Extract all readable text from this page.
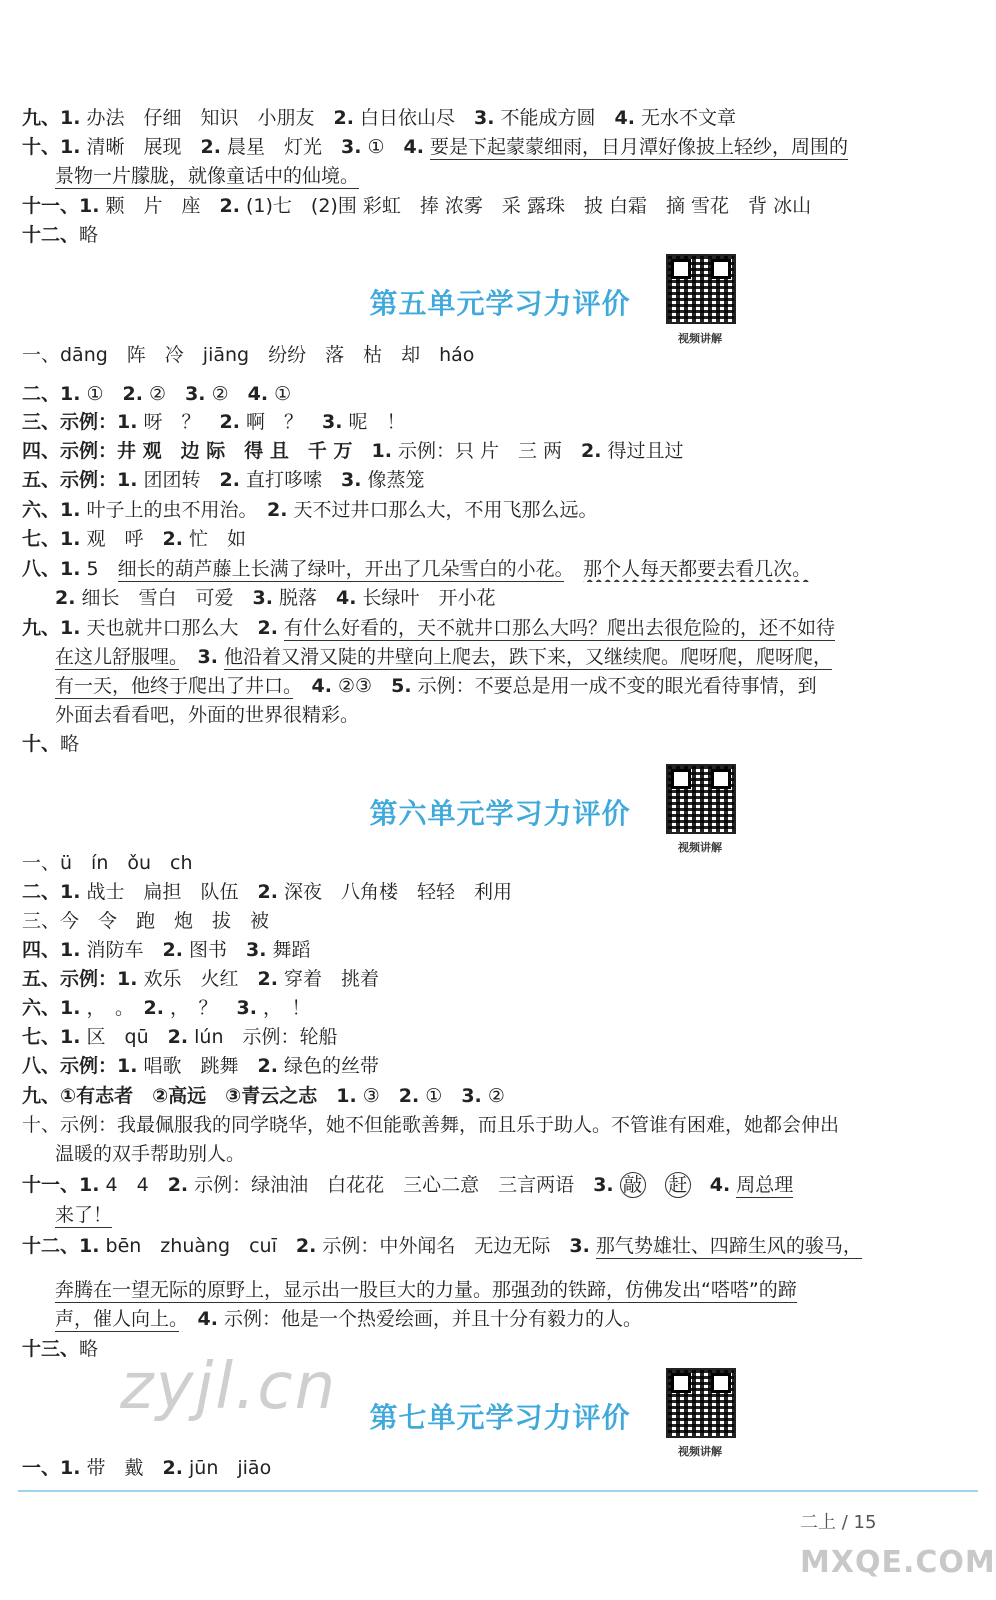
九、1. 办法　仔细　知识　小朋友　2. 白日依山尽　3. 不能成方圆　4. 无水不文章
十、1. 清晰　展现　2. 晨星　灯光　3. ①　4. 要是下起蒙蒙细雨，日月潭好像披上轻纱，周围的
景物一片朦胧，就像童话中的仙境。
十一、1. 颗　片　座　2. (1)七　(2)围 彩虹　捧 浓雾　采 露珠　披 白霜　摘 雪花　背 冰山
十二、略
第五单元学习力评价
视频讲解
一、dāng　阵　冷　jiāng　纷纷　落　枯　却　háo
二、1. ①　2. ②　3. ②　4. ①
三、示例：1. 呀　？　2. 啊　？　3. 呢　！
四、示例：井 观　边 际　得 且　千 万　1. 示例：只 片　三 两　2. 得过且过
五、示例：1. 团团转　2. 直打哆嗦　3. 像蒸笼
六、1. 叶子上的虫不用治。　2. 天不过井口那么大，不用飞那么远。
七、1. 观　呼　2. 忙　如
八、1. 5　细长的葫芦藤上长满了绿叶，开出了几朵雪白的小花。　 那个人每天都要去看几次。
2. 细长　雪白　可爱　3. 脱落　4. 长绿叶　开小花
九、1. 天也就井口那么大　2. 有什么好看的，天不就井口那么大吗？爬出去很危险的，还不如待
在这儿舒服哩。　 3. 他沿着又滑又陡的井壁向上爬去，跌下来，又继续爬。爬呀爬，爬呀爬，
有一天，他终于爬出了井口。　 4. ②③　5. 示例：不要总是用一成不变的眼光看待事情，到
外面去看看吧，外面的世界很精彩。
十、略
第六单元学习力评价
视频讲解
一、ü　ín　ǒu　ch
二、1. 战士　扁担　队伍　2. 深夜　八角楼　轻轻　利用
三、今　令　跑　炮　拔　被
四、1. 消防车　2. 图书　3. 舞蹈
五、示例：1. 欢乐　火红　2. 穿着　挑着
六、1. ，　。　2. ，　？　3. ，　！
七、1. 区　qū　2. lún　示例：轮船
八、示例：1. 唱歌　跳舞　2. 绿色的丝带
九、①有志者　②高远　③青云之志　1. ③　2. ①　3. ②
十、示例：我最佩服我的同学晓华，她不但能歌善舞，而且乐于助人。不管谁有困难，她都会伸出
温暖的双手帮助别人。
十一、1. 4　4　2. 示例：绿油油　白花花　三心二意　三言两语　3. 敲　 赶　 4. 周总理
来了！
十二、1. bēn　zhuàng　cuī　2. 示例：中外闻名　无边无际　3. 那气势雄壮、四蹄生风的骏马，
奔腾在一望无际的原野上，显示出一股巨大的力量。那强劲的铁蹄，仿佛发出“嗒嗒”的蹄
声，催人向上。　 4. 示例：他是一个热爱绘画，并且十分有毅力的人。
十三、略
zyjl.cn	第七单元学习力评价
视频讲解
一、1. 带　戴　2. jūn　jiāo
二上 / 15
MXQE.COM
